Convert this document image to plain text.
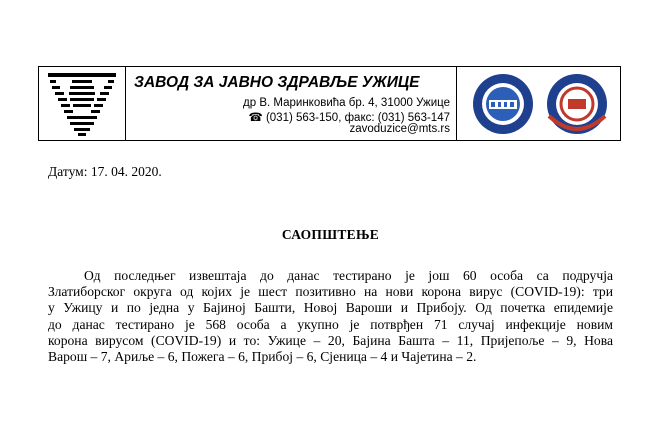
ЗАВОД ЗА ЈАВНО ЗДРАВЉЕ УЖИЦЕ
др В. Маринковића бр. 4, 31000 Ужице
☎ (031) 563-150, факс: (031) 563-147
zavoduzice@mts.rs
Датум: 17. 04. 2020.
САОПШТЕЊЕ
Од последњег извештаја до данас тестирано је још 60 особа са подручја
Златиборског округа од којих је шест позитивно на нови корона вирус (COVID-19): три
у Ужицу и по једна у Бајиној Башти, Новој Вароши и Прибоју. Од почетка епидемије
до данас тестирано је 568 особа а укупно је потврђен 71 случај инфекције новим
корона вирусом (COVID-19) и то: Ужице – 20, Бајина Башта – 11, Пријепоље – 9, Нова
Варош – 7, Ариље – 6, Пожега – 6, Прибој – 6, Сјеница – 4 и Чајетина – 2.
